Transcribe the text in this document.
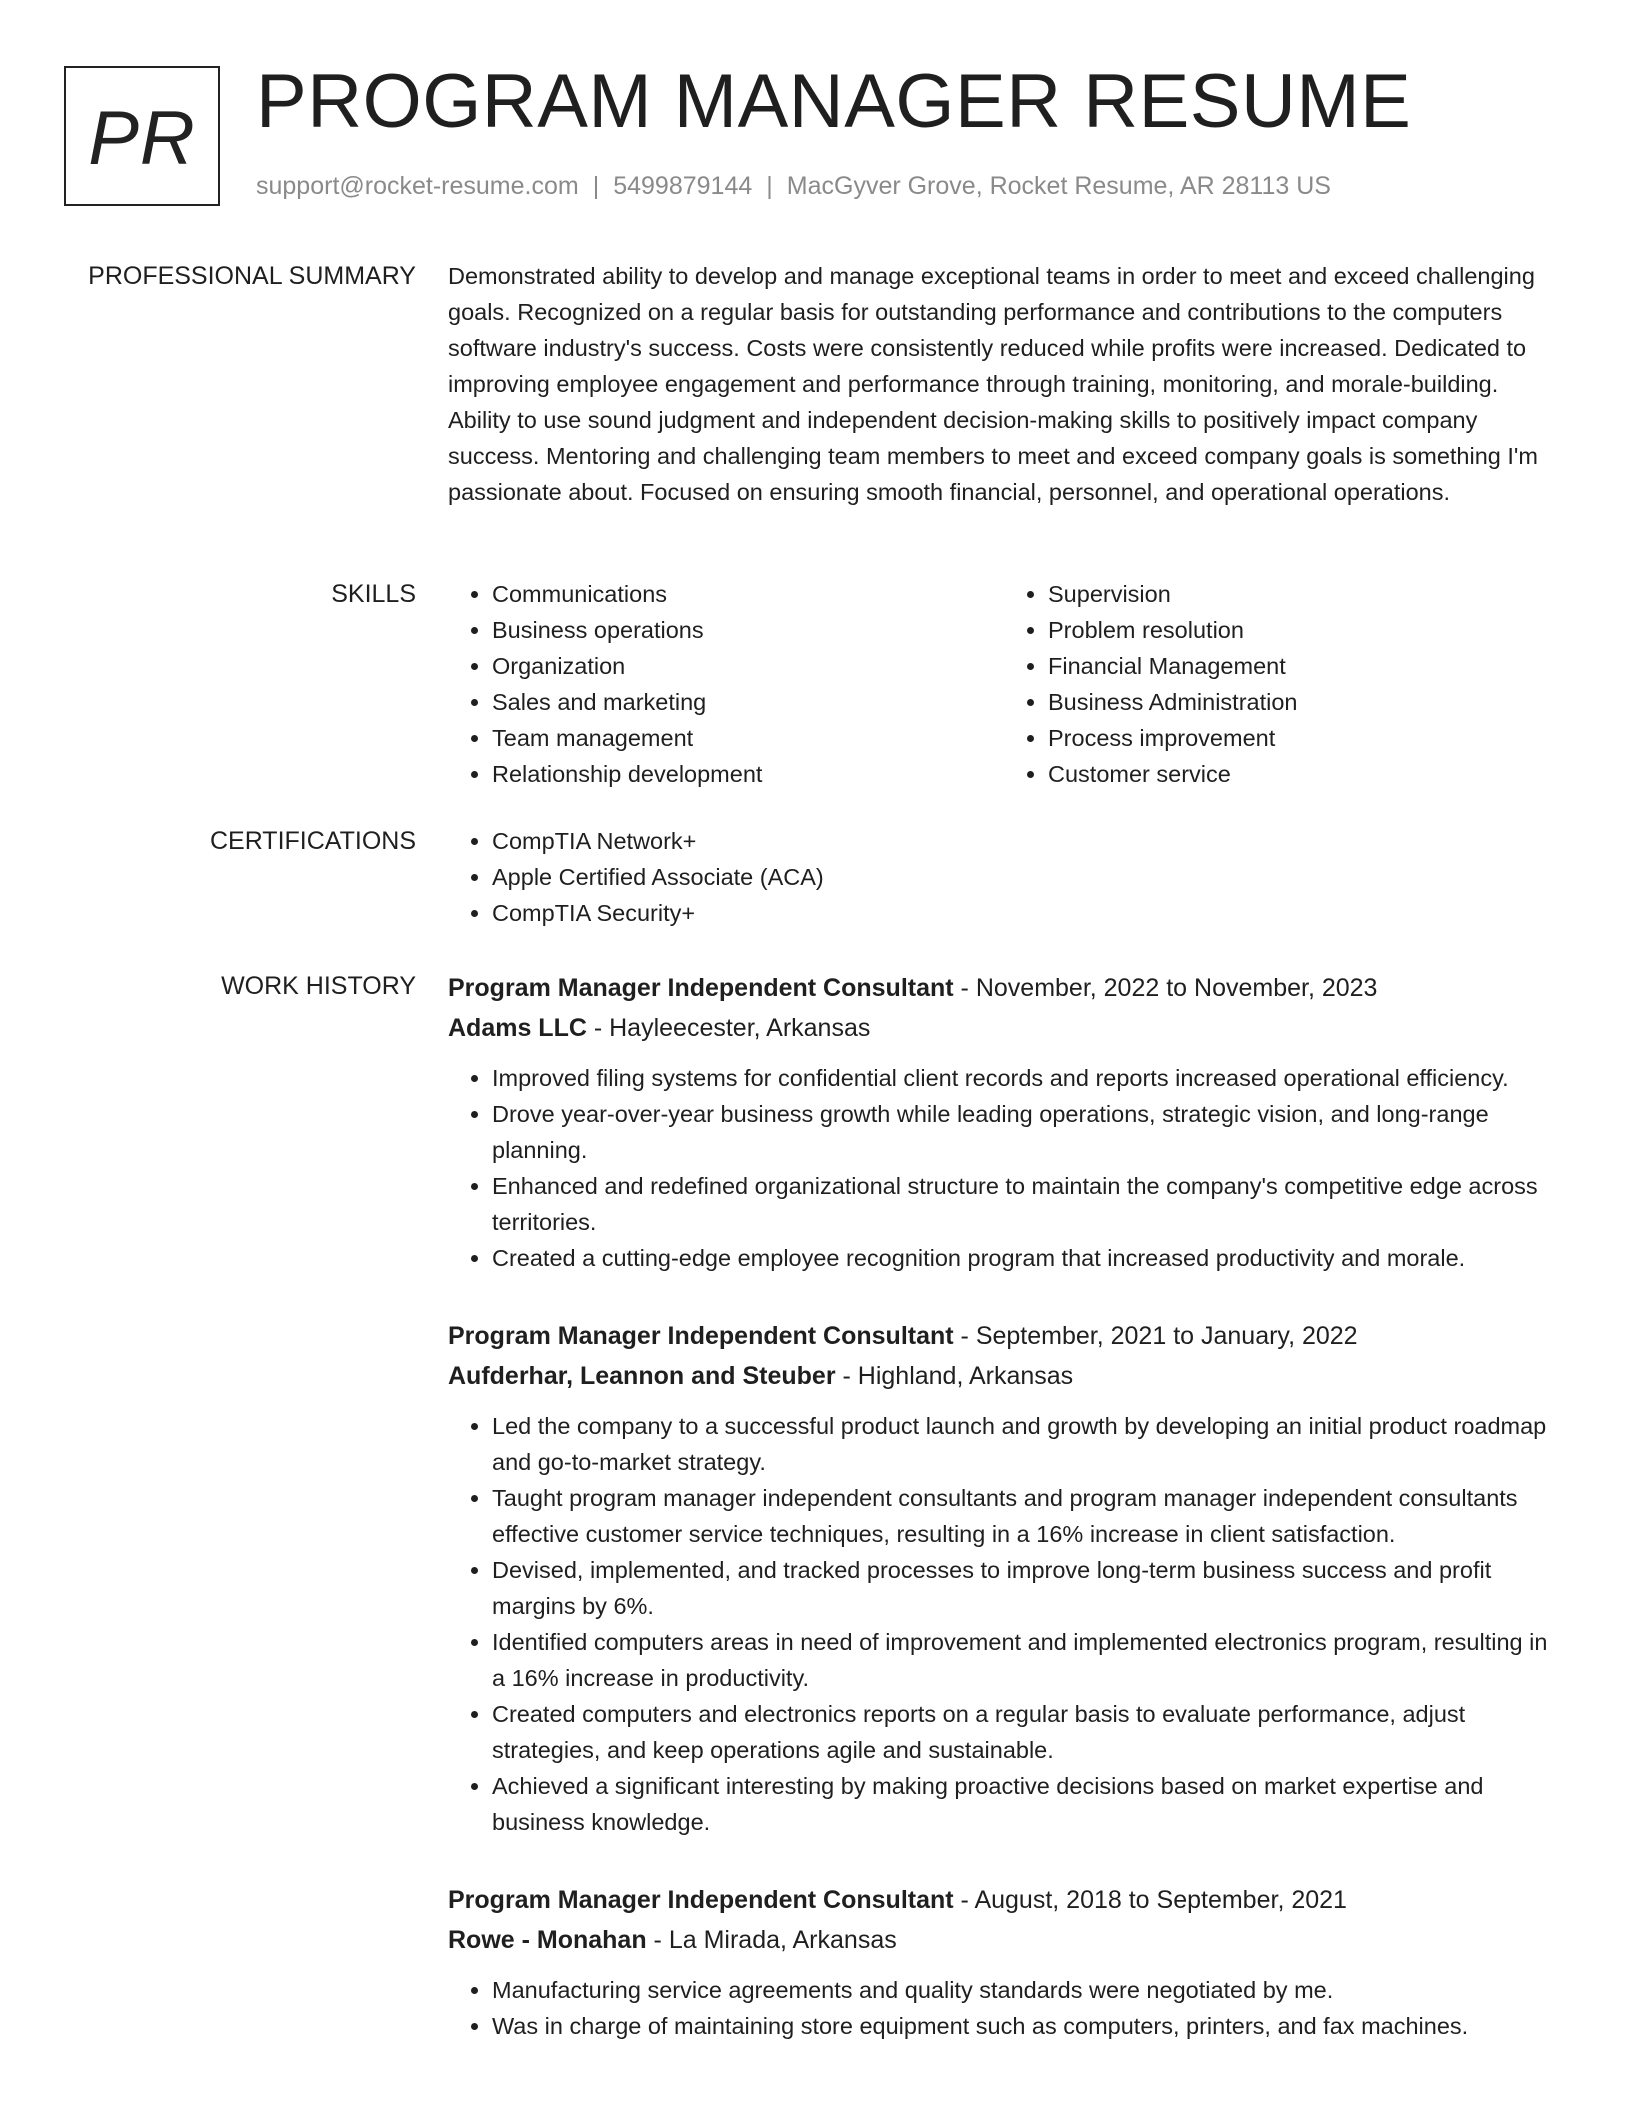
PR PROGRAM MANAGER RESUME
support@rocket-resume.com | 5499879144 | MacGyver Grove, Rocket Resume, AR 28113 US
PROFESSIONAL SUMMARY Demonstrated ability to develop and manage exceptional teams in order to meet and exceed challenging goals. Recognized on a regular basis for outstanding performance and contributions to the computers software industry's success. Costs were consistently reduced while profits were increased. Dedicated to improving employee engagement and performance through training, monitoring, and morale-building. Ability to use sound judgment and independent decision-making skills to positively impact company success. Mentoring and challenging team members to meet and exceed company goals is something I'm passionate about. Focused on ensuring smooth financial, personnel, and operational operations.

SKILLS	• Communications
• Business operations
• Organization
• Sales and marketing
• Team management
• Relationship development
• Supervision
• Problem resolution
• Financial Management
• Business Administration
• Process improvement
• Customer service
CERTIFICATIONS	• CompTIA Network+
• Apple Certified Associate (ACA)
• CompTIA Security+
WORK HISTORY Program Manager Independent Consultant - November, 2022 to November, 2023
Adams LLC - Hayleecester, Arkansas
• Improved filing systems for confidential client records and reports increased operational efficiency.
• Drove year-over-year business growth while leading operations, strategic vision, and long-range planning.
• Enhanced and redefined organizational structure to maintain the company's competitive edge across territories.
• Created a cutting-edge employee recognition program that increased productivity and morale.
Program Manager Independent Consultant - September, 2021 to January, 2022
Aufderhar, Leannon and Steuber - Highland, Arkansas
• Led the company to a successful product launch and growth by developing an initial product roadmap and go-to-market strategy.
• Taught program manager independent consultants and program manager independent consultants effective customer service techniques, resulting in a 16% increase in client satisfaction.
• Devised, implemented, and tracked processes to improve long-term business success and profit margins by 6%.
• Identified computers areas in need of improvement and implemented electronics program, resulting in a 16% increase in productivity.
• Created computers and electronics reports on a regular basis to evaluate performance, adjust strategies, and keep operations agile and sustainable.
• Achieved a significant interesting by making proactive decisions based on market expertise and business knowledge.
Program Manager Independent Consultant - August, 2018 to September, 2021
Rowe - Monahan - La Mirada, Arkansas
• Manufacturing service agreements and quality standards were negotiated by me.
• Was in charge of maintaining store equipment such as computers, printers, and fax machines.
